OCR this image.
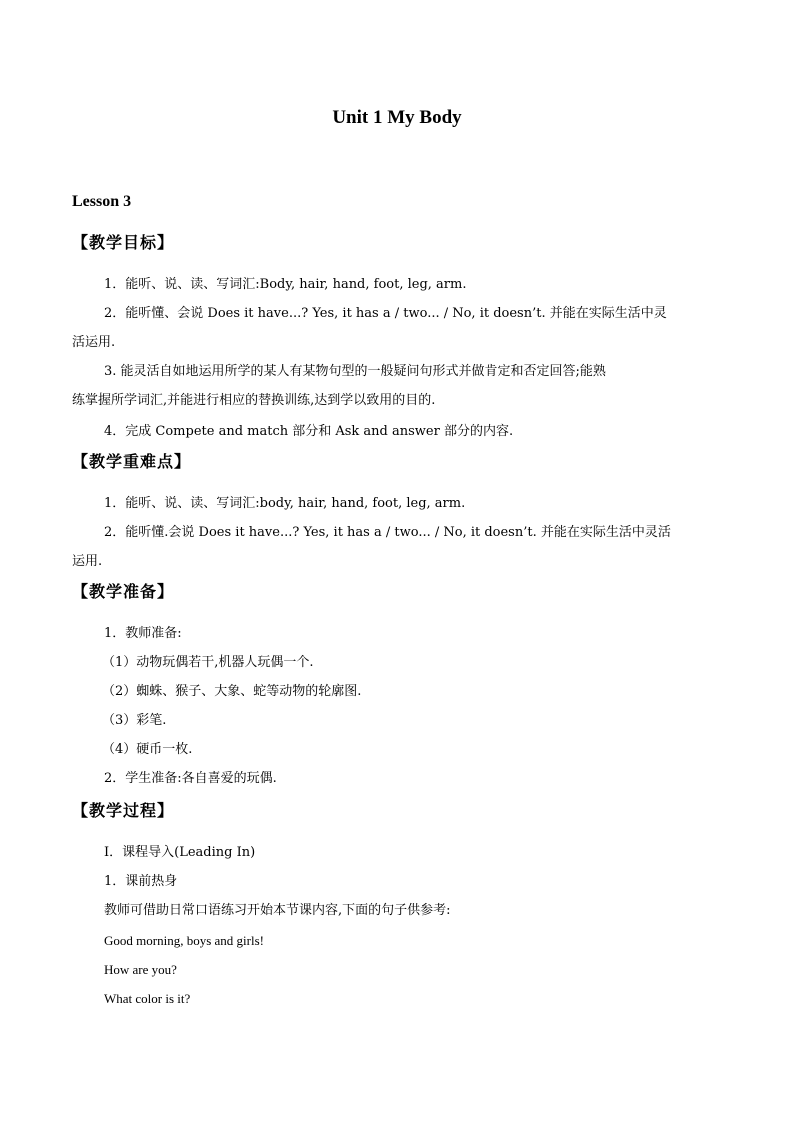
Unit 1 My Body
Lesson 3
【教学目标】
1．能听、说、读、写词汇:Body, hair, hand, foot, leg, arm.
2．能听懂、会说 Does it have...? Yes, it has a / two... / No, it doesn’t. 并能在实际生活中灵
活运用.
3. 能灵活自如地运用所学的某人有某物句型的一般疑问句形式并做肯定和否定回答;能熟
练掌握所学词汇,并能进行相应的替换训练,达到学以致用的目的.
4．完成 Compete and match 部分和 Ask and answer 部分的内容.
【教学重难点】
1．能听、说、读、写词汇:body, hair, hand, foot, leg, arm.
2．能听懂.会说 Does it have...? Yes, it has a / two... / No, it doesn’t. 并能在实际生活中灵活
运用.
【教学准备】
1．教师准备:
（1）动物玩偶若干,机器人玩偶一个.
（2）蜘蛛、猴子、大象、蛇等动物的轮廓图.
（3）彩笔.
（4）硬币一枚.
2．学生准备:各自喜爱的玩偶.
【教学过程】
Ⅰ．课程导入(Leading In)
1．课前热身
教师可借助日常口语练习开始本节课内容,下面的句子供参考:
Good morning, boys and girls!
How are you?
What color is it?
